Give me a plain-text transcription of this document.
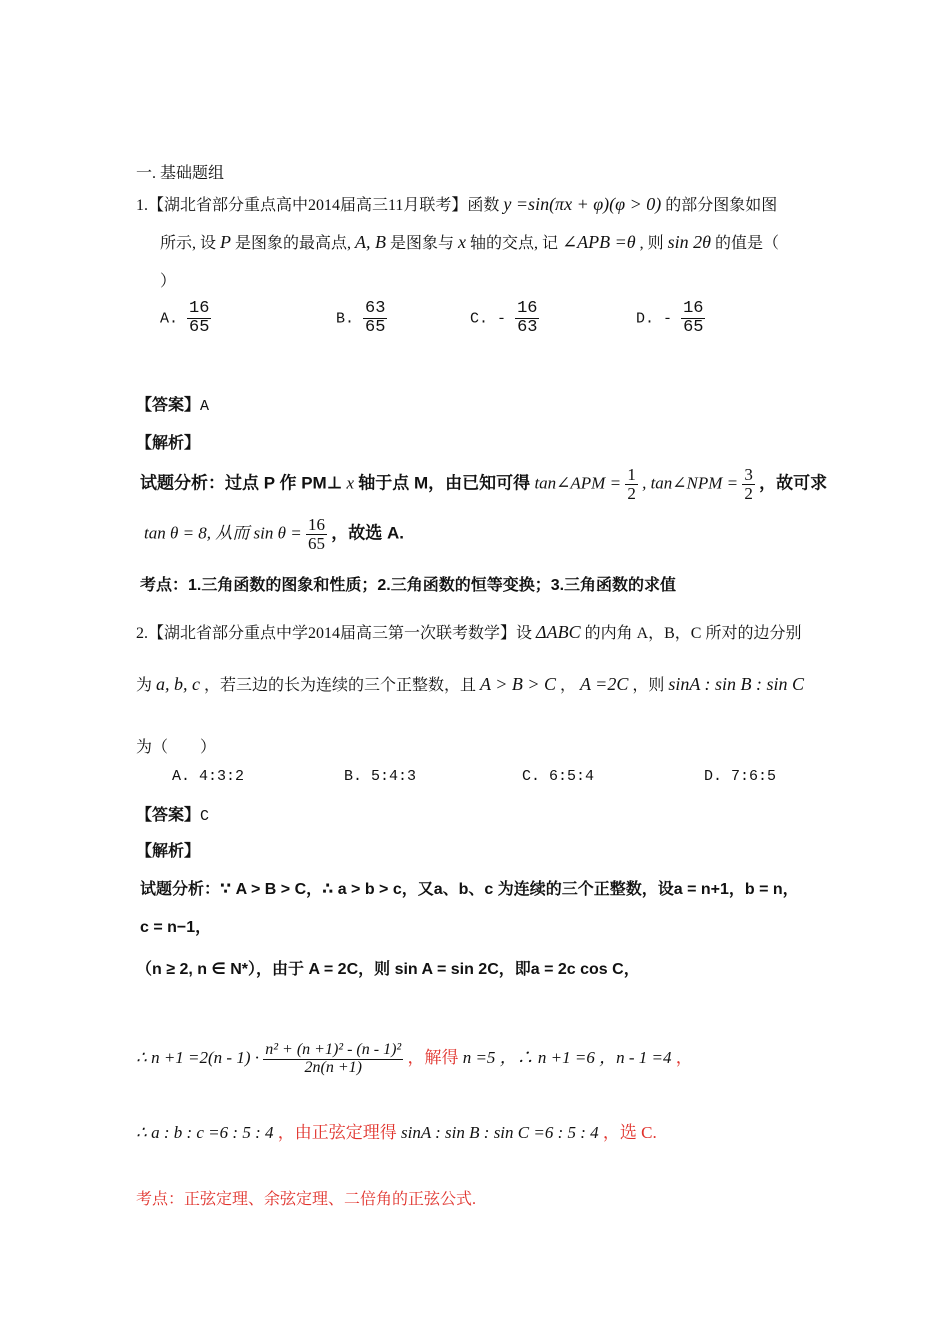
一. 基础题组
1.【湖北省部分重点高中2014届高三11月联考】函数 y =sin(πx + φ)(φ > 0) 的部分图象如图
所示, 设 P 是图象的最高点, A, B 是图象与 x 轴的交点, 记 ∠APB =θ , 则 sin 2θ 的值是（
）
A. $\frac{16}{65}$	B. $\frac{63}{65}$	C. - $\frac{16}{63}$	D. - $\frac{16}{65}$
【答案】A
【解析】
试题分析：过点 P 作 PM⊥ x 轴于点 M，由已知可得 tan∠APM = $\frac{1}{2}$ , tan∠NPM = $\frac{3}{2}$ ，故可求
tan θ = 8, 从而 $\sin \theta = \frac{16}{65}$ ，故选 A.
考点：1.三角函数的图象和性质；2.三角函数的恒等变换；3.三角函数的求值
2.【湖北省部分重点中学2014届高三第一次联考数学】设 ΔABC 的内角 A，B，C 所对的边分别
为 a, b, c ，若三边的长为连续的三个正整数，且 A > B > C ， A =2C ，则 sinA : sin B : sin C
为（　　）
A. 4:3:2	B. 5:4:3	C. 6:5:4	D. 7:6:5
【答案】C
【解析】
试题分析：∵ A > B > C，∴ a > b > c，又a、b、c 为连续的三个正整数，设a = n+1，b = n，
c = n−1，
（n ≥ 2, n ∈ N*），由于 A = 2C，则 sin A = sin 2C，即a = 2c cos C，
∴ $n +1 =2(n - 1) \cdot \frac{\text{n² + (n +1)² - (n - 1)²}}{2n(n +1)}$ ，解得 n =5 ，∴ n +1 =6 ，n - 1 =4 ，
∴ a : b : c =6 : 5 : 4 ，由正弦定理得 sinA : sin B : sin C =6 : 5 : 4 ，选 C.
考点：正弦定理、余弦定理、二倍角的正弦公式.
